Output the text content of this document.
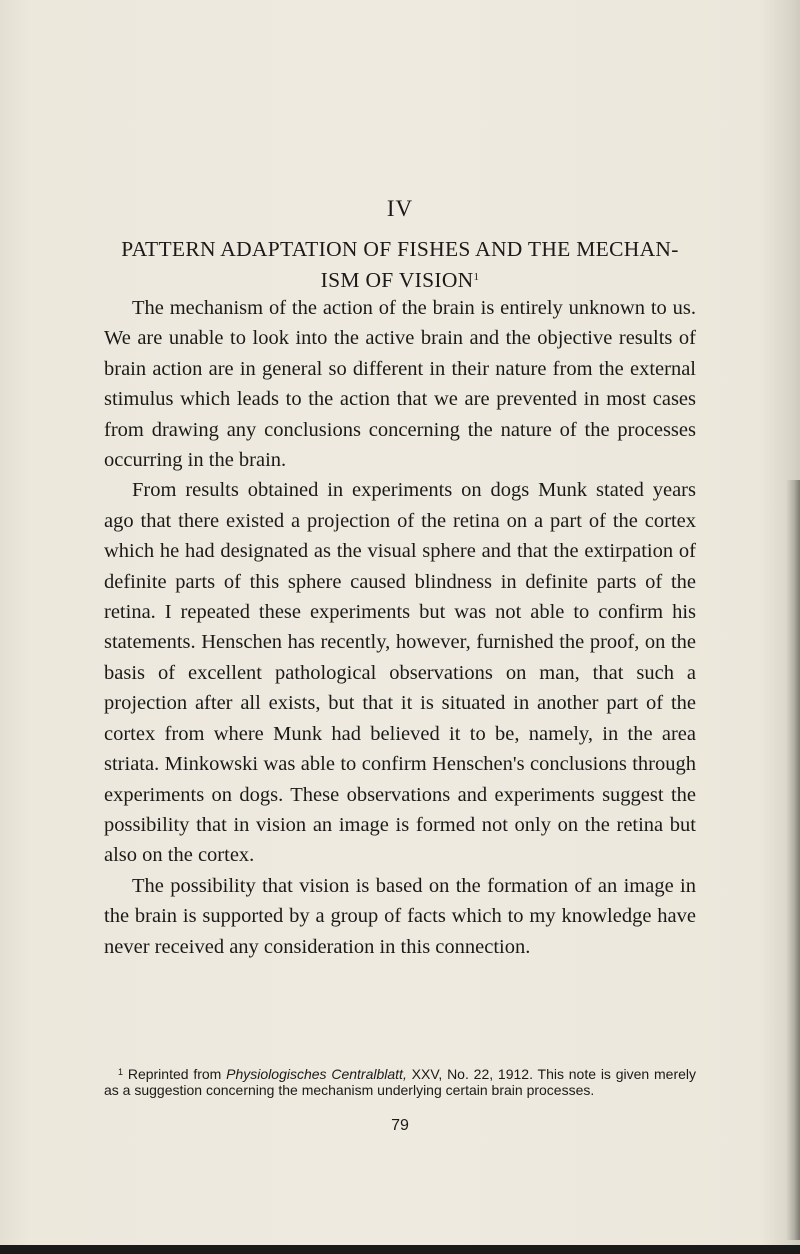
IV
PATTERN ADAPTATION OF FISHES AND THE MECHAN-ISM OF VISION$^1$

The mechanism of the action of the brain is entirely unknown to us. We are unable to look into the active brain and the objective results of brain action are in general so different in their nature from the external stimulus which leads to the action that we are prevented in most cases from drawing any conclusions concerning the nature of the processes occurring in the brain.

From results obtained in experiments on dogs Munk stated years ago that there existed a projection of the retina on a part of the cortex which he had designated as the visual sphere and that the extirpation of definite parts of this sphere caused blindness in definite parts of the retina. I repeated these experiments but was not able to confirm his statements. Henschen has recently, however, furnished the proof, on the basis of excellent pathological observations on man, that such a projection after all exists, but that it is situated in another part of the cortex from where Munk had believed it to be, namely, in the area striata. Minkowski was able to confirm Henschen's conclusions through experiments on dogs. These observations and experiments suggest the possibility that in vision an image is formed not only on the retina but also on the cortex.

The possibility that vision is based on the formation of an image in the brain is supported by a group of facts which to my knowledge have never received any consideration in this connection.

$^1$ Reprinted from Physiologisches Centralblatt, XXV, No. 22, 1912. This note is given merely as a suggestion concerning the mechanism underlying certain brain processes.
79
